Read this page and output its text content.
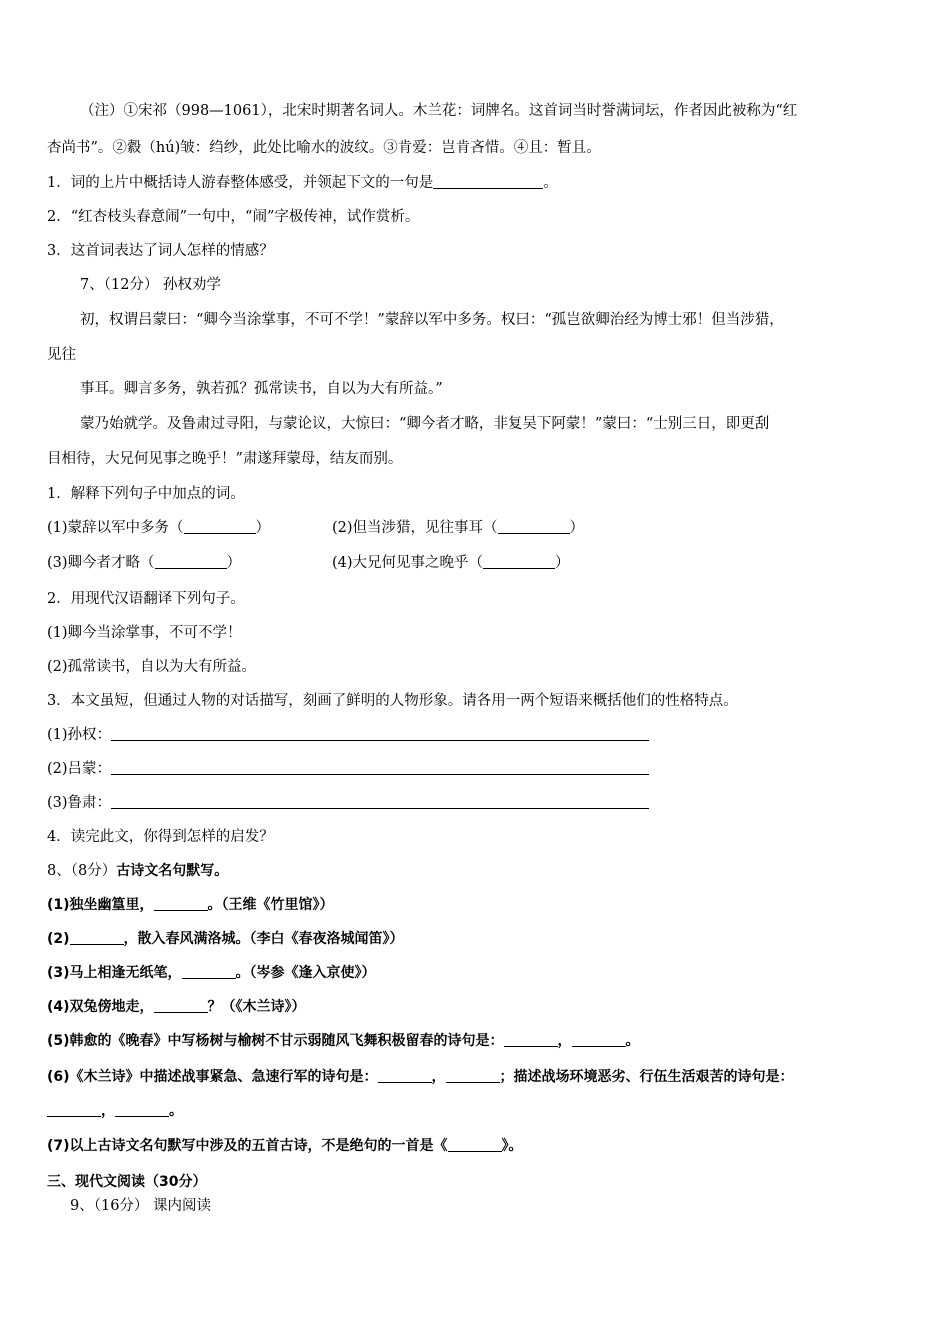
（注）①宋祁（998—1061），北宋时期著名词人。木兰花：词牌名。这首词当时誉满词坛，作者因此被称为“红
杏尚书”。②縠（hú)皱：绉纱，此处比喻水的波纹。③肯爱：岂肯吝惜。④且：暂且。
1．词的上片中概括诗人游春整体感受，并领起下文的一句是	。
2．“红杏枝头春意闹”一句中，“闹”字极传神，试作赏析。
3．这首词表达了词人怎样的情感？
7、（12分） 孙权劝学
初，权谓吕蒙曰：“卿今当涂掌事，不可不学！”蒙辞以军中多务。权曰：“孤岂欲卿治经为博士邪！但当涉猎，
见往
事耳。卿言多务，孰若孤？孤常读书，自以为大有所益。”
蒙乃始就学。及鲁肃过寻阳，与蒙论议，大惊曰：“卿今者才略，非复吴下阿蒙！”蒙曰：“士别三日，即更刮
目相待，大兄何见事之晚乎！”肃遂拜蒙母，结友而别。
1．解释下列句子中加点的词。
(1)蒙辞以军中多务（	）	(2)但当涉猎，见往事耳（	）
(3)卿今者才略（	）	(4)大兄何见事之晚乎（	）
2．用现代汉语翻译下列句子。
(1)卿今当涂掌事，不可不学！
(2)孤常读书，自以为大有所益。
3．本文虽短，但通过人物的对话描写，刻画了鲜明的人物形象。请各用一两个短语来概括他们的性格特点。
(1)孙权：
(2)吕蒙：
(3)鲁肃：
4．读完此文，你得到怎样的启发？
8、（8分）古诗文名句默写。
(1)独坐幽篁里，	。（王维《竹里馆》）
(2)	，散入春风满洛城。（李白《春夜洛城闻笛》）
(3)马上相逢无纸笔，	。（岑参《逢入京使》）
(4)双兔傍地走，	？（《木兰诗》）
(5)韩愈的《晚春》中写杨树与榆树不甘示弱随风飞舞积极留春的诗句是：	，	。
(6)《木兰诗》中描述战事紧急、急速行军的诗句是：	，	；描述战场环境恶劣、行伍生活艰苦的诗句是：
，	。
(7)以上古诗文名句默写中涉及的五首古诗，不是绝句的一首是《	》。
三、现代文阅读（30分）
9、（16分） 课内阅读
